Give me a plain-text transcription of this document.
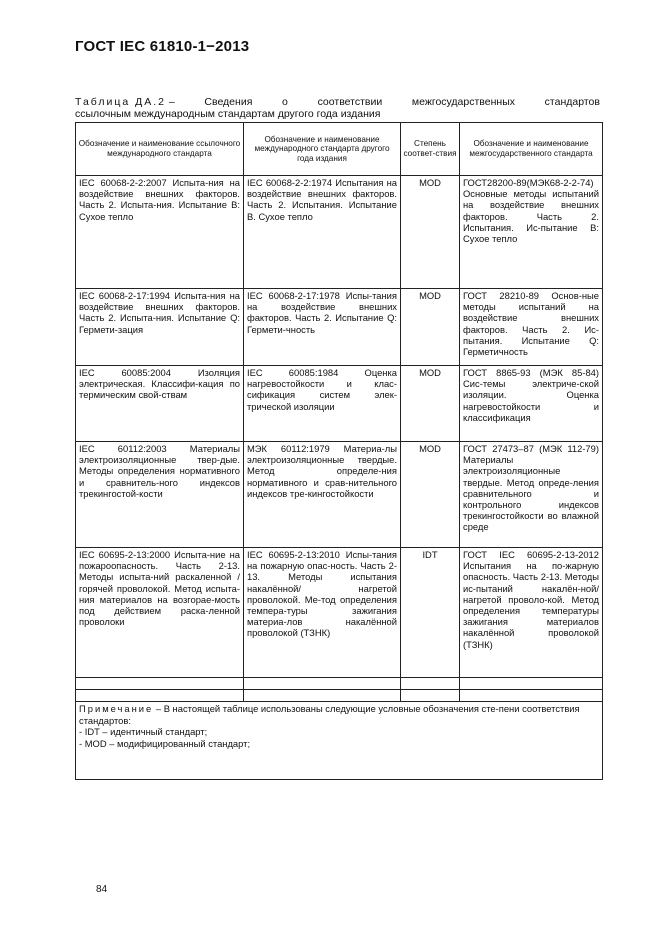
ГОСТ IEC 61810-1−2013
Таблица ДА.2 –	Сведения	о	соответствии	межгосударственных	стандартов
ссылочным международным стандартам другого года издания
Обозначение и наименование ссылочного международного стандарта	Обозначение и наименование международного стандарта другого года издания	Степень соответ-ствия	Обозначение и наименование межгосударственного стандарта
IEC 60068-2-2:2007 Испыта-ния на воздействие внешних факторов. Часть 2. Испыта-ния. Испытание В: Сухое тепло	IEC 60068-2-2:1974 Испытания на воздействие внешних факторов. Часть 2. Испытания. Испытание В. Сухое тепло	MOD	ГОСТ28200-89(МЭК68-2-2-74) Основные методы испытаний на воздействие внешних факторов. Часть 2. Испытания. Ис-пытание В: Сухое тепло
IEC 60068-2-17:1994 Испыта-ния на воздействие внешних факторов. Часть 2. Испыта-ния. Испытание Q: Гермети-зация	IEC 60068-2-17:1978 Испы-тания на воздействие внешних факторов. Часть 2. Испытание Q: Гермети-чность	MOD	ГОСТ 28210-89 Основ-ные методы испытаний на воздействие внешних факторов. Часть 2. Ис-пытания. Испытание Q: Герметичность
IEC 60085:2004 Изоляция электрическая. Классифи-кация по термическим свой-ствам	IEC 60085:1984 Оценка нагревостойкости и клас-сификация систем элек-трической изоляции	MOD	ГОСТ 8865-93 (МЭК 85-84) Сис-темы электриче-ской изоляции. Оценка нагревостойкости и классификация
IEC 60112:2003 Материалы электроизоляционные твер-дые. Методы определения нормативного и сравнитель-ного индексов трекингостой-кости	МЭК 60112:1979 Материа-лы электроизоляционные твердые. Метод определе-ния нормативного и срав-нительного индексов тре-кингостойкости	MOD	ГОСТ 27473–87 (МЭК 112-79) Материалы электроизоляционные твердые. Метод опреде-ления сравнительного и контрольного индексов трекингостойкости во влажной среде
IEC 60695-2-13:2000 Испыта-ние на пожароопасность. Часть 2-13. Методы испыта-ний раскаленной /горячей проволокой. Метод испыта-ния материалов на возгорае-мость под действием раска-ленной проволоки	IEC 60695-2-13:2010 Испы-тания на пожарную опас-ность. Часть 2-13. Методы испытания накалённой/ нагретой проволокой. Ме-тод определения темпера-туры зажигания материа-лов накалённой проволокой (ТЗНК)	IDT	ГОСТ IEC 60695-2-13-2012 Испытания на по-жарную опасность. Часть 2-13. Методы ис-пытаний накалён-ной/нагретой проволо-кой. Метод определения температуры зажигания материалов накалённой проволокой (ТЗНК)

Примечание – В настоящей таблице использованы следующие условные обозначения сте-пени соответствия стандартов:
- IDT – идентичный стандарт;
- MOD – модифицированный стандарт;			
84
